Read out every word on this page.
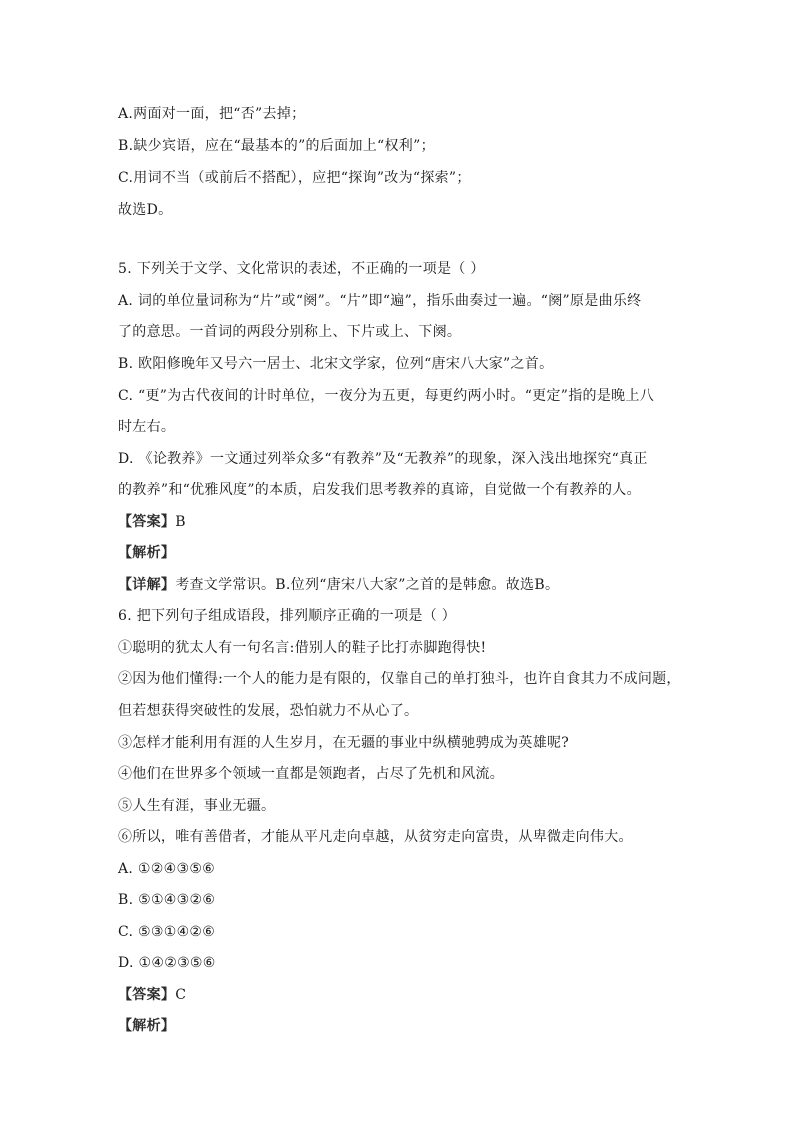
A.两面对一面，把“否”去掉；
B.缺少宾语，应在“最基本的”的后面加上“权利”；
C.用词不当（或前后不搭配），应把“探询”改为“探索”；
故选D。
5. 下列关于文学、文化常识的表述，不正确的一项是（ ）
A. 词的单位量词称为“片”或“阕”。“片”即“遍”，指乐曲奏过一遍。“阕”原是曲乐终
了的意思。一首词的两段分别称上、下片或上、下阕。
B. 欧阳修晚年又号六一居士、北宋文学家，位列“唐宋八大家”之首。
C. “更”为古代夜间的计时单位，一夜分为五更，每更约两小时。“更定”指的是晚上八
时左右。
D. 《论教养》一文通过列举众多“有教养”及“无教养”的现象，深入浅出地探究“真正
的教养”和“优雅风度”的本质，启发我们思考教养的真谛，自觉做一个有教养的人。
【答案】B
【解析】
【详解】考查文学常识。B.位列“唐宋八大家”之首的是韩愈。故选B。
6. 把下列句子组成语段，排列顺序正确的一项是（ ）
①聪明的犹太人有一句名言:借别人的鞋子比打赤脚跑得快!
②因为他们懂得:一个人的能力是有限的，仅靠自己的单打独斗，也许自食其力不成问题，
但若想获得突破性的发展，恐怕就力不从心了。
③怎样才能利用有涯的人生岁月，在无疆的事业中纵横驰骋成为英雄呢?
④他们在世界多个领域一直都是领跑者，占尽了先机和风流。
⑤人生有涯，事业无疆。
⑥所以，唯有善借者，才能从平凡走向卓越，从贫穷走向富贵，从卑微走向伟大。
A. ①②④③⑤⑥
B. ⑤①④③②⑥
C. ⑤③①④②⑥
D. ①④②③⑤⑥
【答案】C
【解析】
